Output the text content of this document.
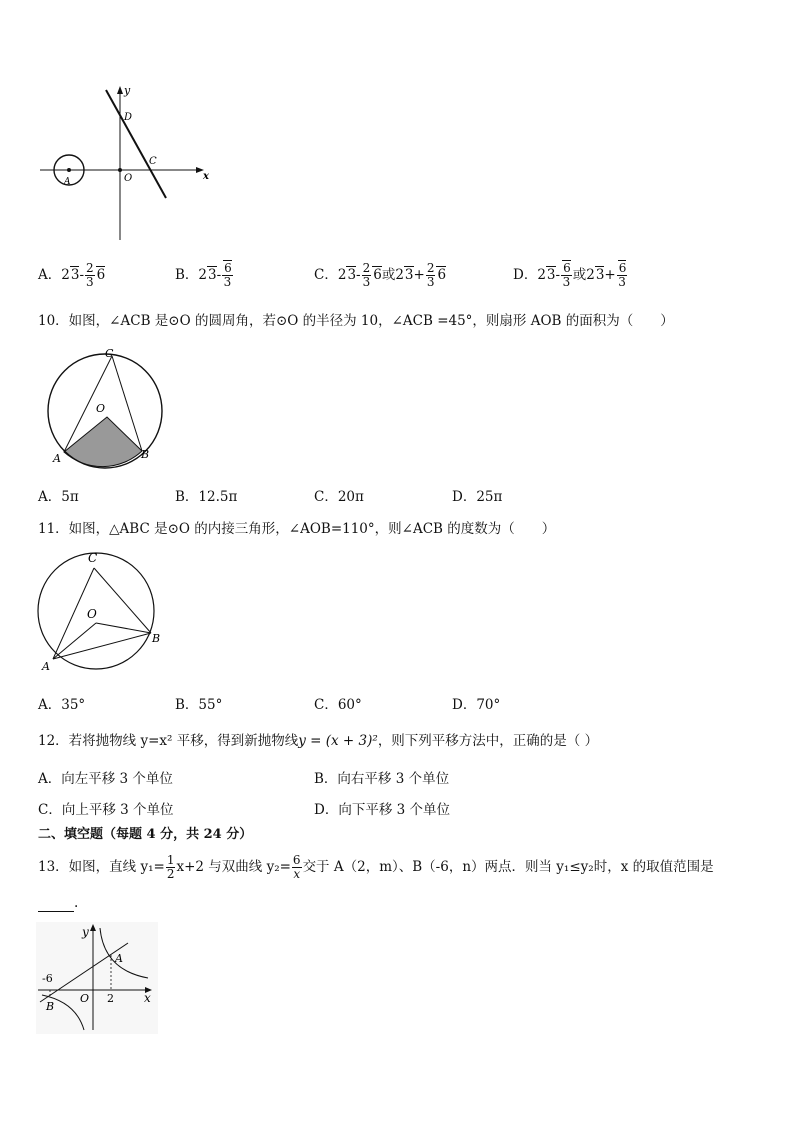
y
x
D
C
O
A
A．$23- \frac{2}{3} 6$	B．$23- \frac{6}{3}$	C．$23- \frac{2}{3} 6$或$23+ \frac{2}{3} 6$	D．$23- \frac{6}{3}$ 或$23+ \frac{6}{3}$
10．如图，∠ACB 是⊙O 的圆周角，若⊙O 的半径为 10，∠ACB =45°，则扇形 AOB 的面积为（　　）
C
O
A	B
A．5π	B．12.5π	C．20π	D．25π
11．如图，△ABC 是⊙O 的内接三角形，∠AOB=110°，则∠ACB 的度数为（　　）
C
O
A
B
A．35°	B．55°	C．60°	D．70°
12．若将抛物线 y=x² 平移，得到新抛物线y = (x + 3)²，则下列平移方法中，正确的是（ ）
A．向左平移 3 个单位	B．向右平移 3 个单位
C．向上平移 3 个单位	D．向下平移 3 个单位
二、填空题（每题 4 分，共 24 分）
13．如图，直线 $y_1= \frac{1}{2} x+2$ 与双曲线 $y_2= \frac{6}{x}$ 交于 A（2，m）、B（-6，n）两点．则当 y₁≤y₂时，x 的取值范围是
.
y
x
A
B
O
-6
2
